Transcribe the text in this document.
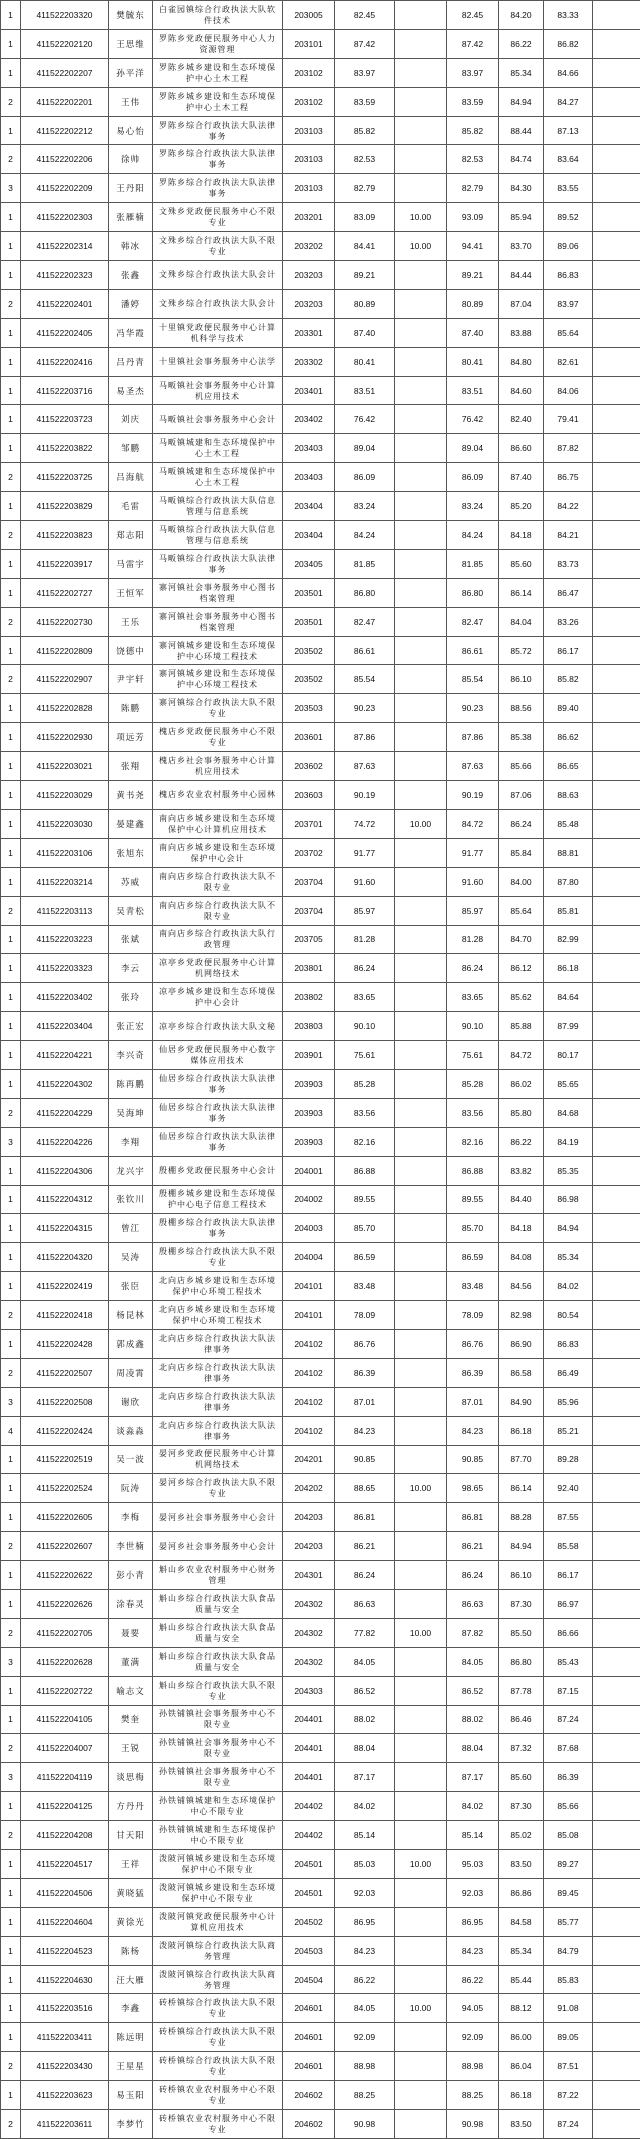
1	411522203320	樊毓东	白雀园镇综合行政执法大队软件技术	203005	82.45		82.45	84.20	83.33	
1	411522202120	王思维	罗陈乡党政便民服务中心人力资源管理	203101	87.42		87.42	86.22	86.82	
1	411522202207	孙平洋	罗陈乡城乡建设和生态环境保护中心土木工程	203102	83.97		83.97	85.34	84.66	
2	411522202201	王伟	罗陈乡城乡建设和生态环境保护中心土木工程	203102	83.59		83.59	84.94	84.27	
1	411522202212	易心怡	罗陈乡综合行政执法大队法律事务	203103	85.82		85.82	88.44	87.13	
2	411522202206	徐帅	罗陈乡综合行政执法大队法律事务	203103	82.53		82.53	84.74	83.64	
3	411522202209	王丹阳	罗陈乡综合行政执法大队法律事务	203103	82.79		82.79	84.30	83.55	
1	411522202303	张雁楠	文殊乡党政便民服务中心不限专业	203201	83.09	10.00	93.09	85.94	89.52	
1	411522202314	韩冰	文殊乡综合行政执法大队不限专业	203202	84.41	10.00	94.41	83.70	89.06	
1	411522202323	张鑫	文殊乡综合行政执法大队会计	203203	89.21		89.21	84.44	86.83	
2	411522202401	潘婷	文殊乡综合行政执法大队会计	203203	80.89		80.89	87.04	83.97	
1	411522202405	冯华霞	十里镇党政便民服务中心计算机科学与技术	203301	87.40		87.40	83.88	85.64	
1	411522202416	吕丹青	十里镇社会事务服务中心法学	203302	80.41		80.41	84.80	82.61	
1	411522203716	易圣杰	马畈镇社会事务服务中心计算机应用技术	203401	83.51		83.51	84.60	84.06	
1	411522203723	刘庆	马畈镇社会事务服务中心会计	203402	76.42		76.42	82.40	79.41	
1	411522203822	邹鹏	马畈镇城建和生态环境保护中心土木工程	203403	89.04		89.04	86.60	87.82	
2	411522203725	吕海航	马畈镇城建和生态环境保护中心土木工程	203403	86.09		86.09	87.40	86.75	
1	411522203829	毛雷	马畈镇综合行政执法大队信息管理与信息系统	203404	83.24		83.24	85.20	84.22	
2	411522203823	郑志阳	马畈镇综合行政执法大队信息管理与信息系统	203404	84.24		84.24	84.18	84.21	
1	411522203917	马雷宇	马畈镇综合行政执法大队法律事务	203405	81.85		81.85	85.60	83.73	
1	411522202727	王恒军	寨河镇社会事务服务中心图书档案管理	203501	86.80		86.80	86.14	86.47	
2	411522202730	王乐	寨河镇社会事务服务中心图书档案管理	203501	82.47		82.47	84.04	83.26	
1	411522202809	饶德中	寨河镇城乡建设和生态环境保护中心环境工程技术	203502	86.61		86.61	85.72	86.17	
2	411522202907	尹宇轩	寨河镇城乡建设和生态环境保护中心环境工程技术	203502	85.54		85.54	86.10	85.82	
1	411522202828	陈鹏	寨河镇综合行政执法大队不限专业	203503	90.23		90.23	88.56	89.40	
1	411522202930	项远芳	槐店乡党政便民服务中心不限专业	203601	87.86		87.86	85.38	86.62	
1	411522203021	张翔	槐店乡社会事务服务中心计算机应用技术	203602	87.63		87.63	85.66	86.65	
1	411522203029	黄书尧	槐店乡农业农村服务中心园林	203603	90.19		90.19	87.06	88.63	
1	411522203030	晏建鑫	南向店乡城乡建设和生态环境保护中心计算机应用技术	203701	74.72	10.00	84.72	86.24	85.48	
1	411522203106	张旭东	南向店乡城乡建设和生态环境保护中心会计	203702	91.77		91.77	85.84	88.81	
1	411522203214	苏威	南向店乡综合行政执法大队不限专业	203704	91.60		91.60	84.00	87.80	
2	411522203113	吴青松	南向店乡综合行政执法大队不限专业	203704	85.97		85.97	85.64	85.81	
1	411522203223	张斌	南向店乡综合行政执法大队行政管理	203705	81.28		81.28	84.70	82.99	
1	411522203323	李云	凉亭乡党政便民服务中心计算机网络技术	203801	86.24		86.24	86.12	86.18	
1	411522203402	张玲	凉亭乡城乡建设和生态环境保护中心会计	203802	83.65		83.65	85.62	84.64	
1	411522203404	张正宏	凉亭乡综合行政执法大队文秘	203803	90.10		90.10	85.88	87.99	
1	411522204221	李兴奇	仙居乡党政便民服务中心数字媒体应用技术	203901	75.61		75.61	84.72	80.17	
1	411522204302	陈再鹏	仙居乡综合行政执法大队法律事务	203903	85.28		85.28	86.02	85.65	
2	411522204229	吴海坤	仙居乡综合行政执法大队法律事务	203903	83.56		83.56	85.80	84.68	
3	411522204226	李翔	仙居乡综合行政执法大队法律事务	203903	82.16		82.16	86.22	84.19	
1	411522204306	龙兴宇	殷棚乡党政便民服务中心会计	204001	86.88		86.88	83.82	85.35	
1	411522204312	张钦川	殷棚乡城乡建设和生态环境保护中心电子信息工程技术	204002	89.55		89.55	84.40	86.98	
1	411522204315	曾江	殷棚乡综合行政执法大队法律事务	204003	85.70		85.70	84.18	84.94	
1	411522204320	吴涛	殷棚乡综合行政执法大队不限专业	204004	86.59		86.59	84.08	85.34	
1	411522202419	张臣	北向店乡城乡建设和生态环境保护中心环境工程技术	204101	83.48		83.48	84.56	84.02	
2	411522202418	杨昆林	北向店乡城乡建设和生态环境保护中心环境工程技术	204101	78.09		78.09	82.98	80.54	
1	411522202428	郭成鑫	北向店乡综合行政执法大队法律事务	204102	86.76		86.76	86.90	86.83	
2	411522202507	周凌霄	北向店乡综合行政执法大队法律事务	204102	86.39		86.39	86.58	86.49	
3	411522202508	谢欣	北向店乡综合行政执法大队法律事务	204102	87.01		87.01	84.90	85.96	
4	411522202424	谈淼淼	北向店乡综合行政执法大队法律事务	204102	84.23		84.23	86.18	85.21	
1	411522202519	吴一波	晏河乡党政便民服务中心计算机网络技术	204201	90.85		90.85	87.70	89.28	
1	411522202524	阮涛	晏河乡综合行政执法大队不限专业	204202	88.65	10.00	98.65	86.14	92.40	
1	411522202605	李梅	晏河乡社会事务服务中心会计	204203	86.81		86.81	88.28	87.55	
2	411522202607	李世楠	晏河乡社会事务服务中心会计	204203	86.21		86.21	84.94	85.58	
1	411522202622	彭小青	斛山乡农业农村服务中心财务管理	204301	86.24		86.24	86.10	86.17	
1	411522202626	涂春灵	斛山乡综合行政执法大队食品质量与安全	204302	86.63		86.63	87.30	86.97	
2	411522202705	聂要	斛山乡综合行政执法大队食品质量与安全	204302	77.82	10.00	87.82	85.50	86.66	
3	411522202628	董满	斛山乡综合行政执法大队食品质量与安全	204302	84.05		84.05	86.80	85.43	
1	411522202722	喻志文	斛山乡综合行政执法大队不限专业	204303	86.52		86.52	87.78	87.15	
1	411522204105	樊奎	孙铁铺镇社会事务服务中心不限专业	204401	88.02		88.02	86.46	87.24	
2	411522204007	王锐	孙铁铺镇社会事务服务中心不限专业	204401	88.04		88.04	87.32	87.68	
3	411522204119	谈思梅	孙铁铺镇社会事务服务中心不限专业	204401	87.17		87.17	85.60	86.39	
1	411522204125	方丹丹	孙铁铺镇城建和生态环境保护中心不限专业	204402	84.02		84.02	87.30	85.66	
2	411522204208	甘天阳	孙铁铺镇城建和生态环境保护中心不限专业	204402	85.14		85.14	85.02	85.08	
1	411522204517	王祥	泼陂河镇城乡建设和生态环境保护中心不限专业	204501	85.03	10.00	95.03	83.50	89.27	
1	411522204506	黄晓猛	泼陂河镇城乡建设和生态环境保护中心不限专业	204501	92.03		92.03	86.86	89.45	
1	411522204604	黄徐光	泼陂河镇党政便民服务中心计算机应用技术	204502	86.95		86.95	84.58	85.77	
1	411522204523	陈杨	泼陂河镇综合行政执法大队商务管理	204503	84.23		84.23	85.34	84.79	
1	411522204630	汪大雁	泼陂河镇综合行政执法大队商务管理	204504	86.22		86.22	85.44	85.83	
1	411522203516	李鑫	砖桥镇综合行政执法大队不限专业	204601	84.05	10.00	94.05	88.12	91.08	
1	411522203411	陈远明	砖桥镇综合行政执法大队不限专业	204601	92.09		92.09	86.00	89.05	
2	411522203430	王星星	砖桥镇综合行政执法大队不限专业	204601	88.98		88.98	86.04	87.51	
1	411522203623	易玉阳	砖桥镇农业农村服务中心不限专业	204602	88.25		88.25	86.18	87.22	
2	411522203611	李梦竹	砖桥镇农业农村服务中心不限专业	204602	90.98		90.98	83.50	87.24	
